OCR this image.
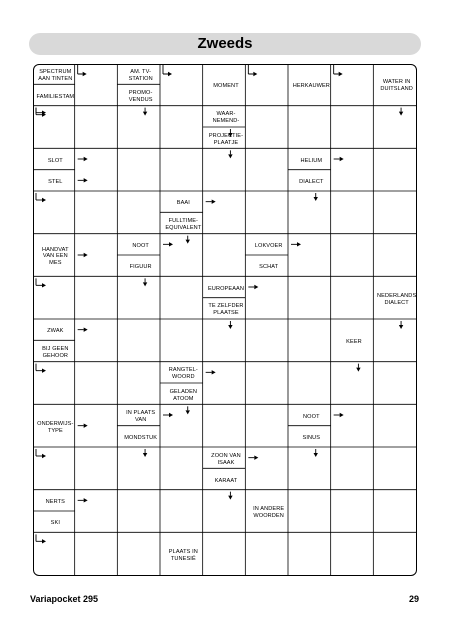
Zweeds
SPECTRUM AAN TINTEN
FAMILIESTAM
AM. TV-STATION
PROMO-VENDUS
MOMENT	HERKAUWER
WATER IN DUITSLAND
WAAR-NEMEND-
PROJECTIE-PLAATJE
SLOT
STEL
HELIUM
DIALECT
BAAI
FULLTIME-EQUIVALENT
HANDVAT VAN EEN MES
NOOT
FIGUUR
LOKVOER
SCHAT
EUROPEAAN
TE ZELFDER PLAATSE
NEDERLANDS DIALECT
ZWAK
BIJ GEEN GEHOOR
KEER
RANGTEL-WOORD
GELADEN ATOOM
ONDERWIJS-TYPE
IN PLAATS VAN
MONDSTUK
NOOT
SINUS
ZOON VAN ISAAK
KARAAT
NERTS
SKI
IN ANDERE WOORDEN
PLAATS IN TUNESIË
Variapocket 295	29
